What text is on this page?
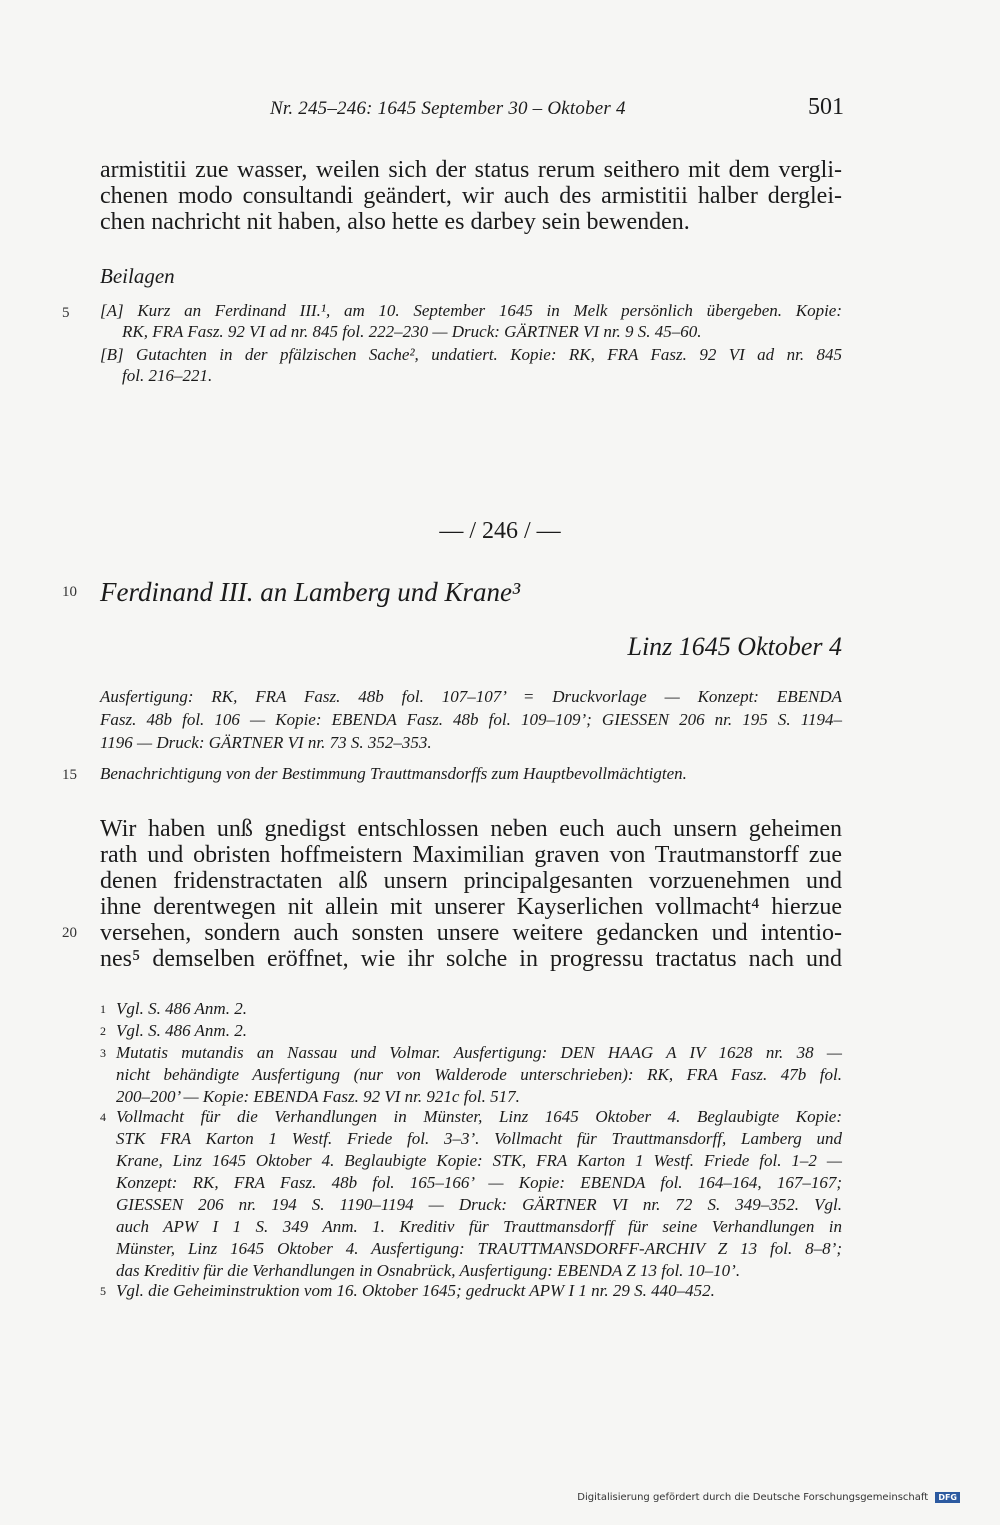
Nr. 245–246: 1645 September 30 – Oktober 4	501
armistitii zue wasser, weilen sich der status rerum seithero mit dem vergli-
chenen modo consultandi geändert, wir auch des armistitii halber derglei-
chen nachricht nit haben, also hette es darbey sein bewenden.
Beilagen
5 [A] Kurz an Ferdinand III.¹, am 10. September 1645 in Melk persönlich übergeben. Kopie:
RK, FRA Fasz. 92 VI ad nr. 845 fol. 222–230 — Druck: GÄRTNER VI nr. 9 S. 45–60.
[B] Gutachten in der pfälzischen Sache², undatiert. Kopie: RK, FRA Fasz. 92 VI ad nr. 845
fol. 216–221.
— / 246 / —
10 Ferdinand III. an Lamberg und Krane³
Linz 1645 Oktober 4
Ausfertigung: RK, FRA Fasz. 48b fol. 107–107’ = Druckvorlage — Konzept: EBENDA
Fasz. 48b fol. 106 — Kopie: EBENDA Fasz. 48b fol. 109–109’; GIESSEN 206 nr. 195 S. 1194–
1196 — Druck: GÄRTNER VI nr. 73 S. 352–353.
15 Benachrichtigung von der Bestimmung Trauttmansdorffs zum Hauptbevollmächtigten.
Wir haben unß gnedigst entschlossen neben euch auch unsern geheimen
rath und obristen hoffmeistern Maximilian graven von Trautmanstorff zue
denen fridenstractaten alß unsern principalgesanten vorzuenehmen und
ihne derentwegen nit allein mit unserer Kayserlichen vollmacht⁴ hierzue
20 versehen, sondern auch sonsten unsere weitere gedancken und intentio-
nes⁵ demselben eröffnet, wie ihr solche in progressu tractatus nach und
1 Vgl. S. 486 Anm. 2.
2 Vgl. S. 486 Anm. 2.
3 Mutatis mutandis an Nassau und Volmar. Ausfertigung: DEN HAAG A IV 1628 nr. 38 —
nicht behändigte Ausfertigung (nur von Walderode unterschrieben): RK, FRA Fasz. 47b fol.
200–200’ — Kopie: EBENDA Fasz. 92 VI nr. 921c fol. 517.
4 Vollmacht für die Verhandlungen in Münster, Linz 1645 Oktober 4. Beglaubigte Kopie:
STK FRA Karton 1 Westf. Friede fol. 3–3’. Vollmacht für Trauttmansdorff, Lamberg und
Krane, Linz 1645 Oktober 4. Beglaubigte Kopie: STK, FRA Karton 1 Westf. Friede fol. 1–2 —
Konzept: RK, FRA Fasz. 48b fol. 165–166’ — Kopie: EBENDA fol. 164–164, 167–167;
GIESSEN 206 nr. 194 S. 1190–1194 — Druck: GÄRTNER VI nr. 72 S. 349–352. Vgl.
auch APW I 1 S. 349 Anm. 1. Kreditiv für Trauttmansdorff für seine Verhandlungen in
Münster, Linz 1645 Oktober 4. Ausfertigung: TRAUTTMANSDORFF-ARCHIV Z 13 fol. 8–8’;
das Kreditiv für die Verhandlungen in Osnabrück, Ausfertigung: EBENDA Z 13 fol. 10–10’.
5 Vgl. die Geheiminstruktion vom 16. Oktober 1645; gedruckt APW I 1 nr. 29 S. 440–452.
Digitalisierung gefördert durch die Deutsche Forschungsgemeinschaft DFG
